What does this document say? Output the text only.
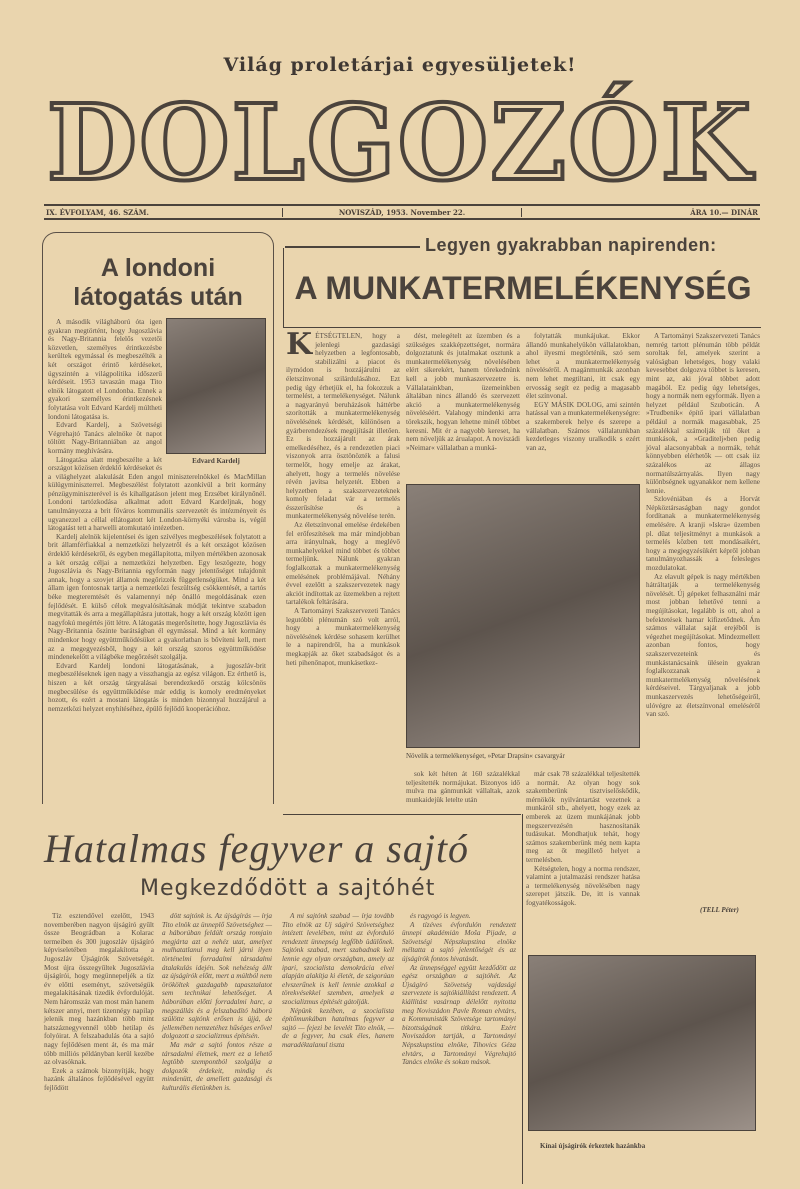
Világ proletárjai egyesüljetek!
DOLGOZÓK
IX. ÉVFOLYAM, 46. SZÁM.	NOVISZÁD, 1953. November 22.	ÁRA 10.— DINÁR
A londoni látogatás után
Edvard Kardelj

A második világháború óta igen gyakran megtörtént, hogy Jugoszlávia és Nagy-Britannia felelős vezetői közvetlen, személyes érintkezésbe kerültek egymással és megbeszélték a két országot érintő kérdéseket, úgyszintén a világpolitika időszerű kérdéseit. 1953 tavaszán maga Tito elnök látogatott el Londonba. Ennek a gyakori személyes érintkezésnek folytatása volt Edvard Kardelj múltheti londoni látogatása is.

Edvard Kardelj, a Szövetségi Végrehajtó Tanács alelnöke öt napot töltött Nagy-Britanniában az angol kormány meghívására.

Látogatása alatt megbeszélte a két országot közösen érdeklő kérdéseket és a világhelyzet alakulását Eden angol miniszterelnökkel és MacMillan külügyminiszterrel. Megbeszélést folytatott azonkívül a brit kormány pénzügyminiszterével is és kihallgatáson jelent meg Erzsébet királynőnél. Londoni tartózkodása alkalmat adott Edvard Kardeljnak, hogy tanulmányozza a brit főváros kommunális szervezetét és intézményeit és ugyanezzel a céllal ellátogatott két London-környéki városba is, végül látogatást tett a harwelli atomkutató intézetben.

Kardelj alelnök kijelentései és igen szívélyes megbeszélések folytatott a brit államférfiakkal a nemzetközi helyzetről és a két országot közösen érdeklő kérdésekről, és egyben megállapította, milyen mértékben azonosak a két ország céljai a nemzetközi helyzetben. Egy leszögezte, hogy Jugoszlávia és Nagy-Britannia egyformán nagy jelentőséget tulajdonít annak, hogy a szovjet államok megőrizzék függetlenségüket. Mind a két állam igen fontosnak tartja a nemzetközi feszültség csökkentését, a tartós béke megteremtését és valamennyi nép önálló megoldásának ezen fejlődését. E külső célok megvalósításának módját tekintve szabadon megvitatták és arra a megállapításra jutottak, hogy a két ország között igen nagyfokú megértés jött létre. A látogatás megerősítette, hogy Jugoszlávia és Nagy-Britannia őszinte barátságban él egymással. Mind a két kormány mindenkor hogy együttműködésüket a gyakorlatban is bővíteni kell, mert az a megegyezésből, hogy a két ország szoros együttműködése mindenekelőtt a világbéke megőrzését szolgálja.

Edvard Kardelj londoni látogatásának, a jugoszláv-brit megbeszéléseknek igen nagy a visszhangja az egész világon. Ez érthető is, hiszen a két ország tárgyalásai berendezkedő ország kölcsönös megbecsülése és együttműködése már eddig is komoly eredményeket hozott, és ezért a mostani látogatás is minden bizonnyal hozzájárul a nemzetközi helyzet enyhítéséhez, épülő fejlődő kooperációhoz.

Legyen gyakrabban napirenden:
A MUNKATERMELÉKENYSÉG
K ÉTSÉGTELEN, hogy a jelenlegi gazdasági helyzetben a legfontosabb, stabilizálni a piacot és ilymódon is hozzájárulni az életszínvonal szilárdulásához. Ezt pedig úgy érhetjük el, ha fokozzuk a termelést, a termelékenységet. Nálunk a nagyarányú beruházások háttérbe szorították a munkatermelékenység növelésének kérdését, különösen a gyárberendezések megújítását illetően. Ez is hozzájárult az árak emelkedéséhez, és a rendezetlen piaci viszonyok arra ösztönözték a falusi termelőt, hogy emelje az árakat, ahelyett, hogy a termelés növelése révén javítsa helyzetét. Ebben a helyzetben a szakszervezeteknek komoly feladat vár a termelés ésszerűsítése és a munkatermelékenység növelése terén.

Az életszínvonal emelése érdekében fel erőfeszítések ma már mindjobban arra irányulnak, hogy a meglévő munkahelyekkel mind többet és többet termeljünk. Nálunk gyakran foglalkoztak a munkatermelékenység emelésének problémájával. Néhány évvel ezelőtt a szakszervezetek nagy akciót indítottak az üzemekben a rejtett tartalékok feltárására.

A Tartományi Szakszervezeti Tanács legutóbbi plénumán szó volt arról, hogy a munkatermelékenység növelésének kérdése sohasem kerülhet le a napirendről, ha a munkások megkapják az őket szabadságot és a heti pihenőnapot, munkásetkez-

dést, melegételt az üzemben és a szükséges szakképzettséget, normára dolgoztatunk és jutalmakat osztunk a munkatermelékenység növelésében elért sikerekért, hanem törekednünk kell a jobb munkaszervezetre is. Vállalatainkban, üzemeinkben általában nincs állandó és szervezett akció a munkatermelékenység növeléséért. Valahogy mindenki arra törekszik, hogyan lehetne minél többet keresni. Mit ér a nagyobb kereset, ha nem növeljük az árualapot. A noviszádi »Neimar« vállalatban a munká-

folytatták munkájukat. Ekkor állandó munkahelyükön vállalatokban, ahol ilyesmi megtörténik, szó sem lehet a munkatermelékenység növeléséről. A magánmunkák azonban nem lehet megtiltani, itt csak egy ervosság segít ez pedig a magasabb élet színvonal.

EGY MÁSIK DOLOG, ami szintén hatással van a munkatermelékenységre: a szakemberek helye és szerepe a vállalatban. Számos vállalatunkban kezdetleges viszony uralkodik s ezért van az,

Növelik a termelékenységet, »Petar Drapsin« csavargyár

sok két héten át 160 százalékkal teljesítették normájukat. Bizonyos idő mulva ma gánmunkát vállaltak, azok munkaidejük letelte után

már csak 78 százalékkal teljesítették a normát. Az olyan hogy sok szakemberünk tisztviselőskődik, mérnökök nyilvántartást vezetnek a munkáról stb., ahelyett, hogy ezek az emberek az üzem munkájának jobb megszervezésén hasznosítanák tudásukat. Mondhatjuk tehát, hogy számos szakemberünk még nem kapta meg az őt megillető helyet a termelésben.

Kétségtelen, hogy a norma rendszer, valamint a jutalmazási rendszer hatása a termelékenység növelésében nagy szerepet játszik. De, itt is vannak fogyatékosságok.

A Tartományi Szakszervezeti Tanács nemrég tartott plénumán több példát soroltak fel, amelyek szerint a valóságban lehetséges, hogy valaki kevesebbet dolgozva többet is keresen, mint az, aki jóval többet adott magából. Ez pedig úgy lehetséges, hogy a normák nem egyformák. Ilyen a helyzet például Szuboticán. A »Trudbenik« építő ipari vállalatban például a normák magasabbak, 25 százalékkal számolják túl őket a munkások, a »Graditelj«ben pedig jóval alacsonyabbak a normák, tehát könnyebben elérhetők — ott csak iiz százalékos az állagos normatúlszárnyalás. Ilyen nagy különbségnek ugyanakkor nem kellene lennie.

Szlovéniában és a Horvát Népköztársaságban nagy gondot fordítanak a munkatermelékenység emelésére. A kranji »Iskra« üzemben pl. dűat teljesítményt a munkások a termelés közben tett mondásaikért, hogy a megjegyzésükért képről jobban tanulmányozhassák a felesleges mozdulatokat.

Az elavult gépek is nagy mértékben hátráltatják a termelékenység növelését. Új gépeket felhasználni már most jobban lehetővé tenni a megújításokat, legalább is ott, ahol a befektetések hamar kifizetődnek. Ám számos vállalat saját erejéből is végezhet megújításokat. Mindezmellett azonban fontos, hogy szakszervezeteink és munkástanácsaink ülésein gyakran foglalkozzanak a munkatermelékenység növelésének kérdéseivel. Tárgyaljanak a jobb munkaszervezés lehetőségeiről, ulóvégre az életszínvonal emeléséről van szó.

(TELL Péter)
Hatalmas fegyver a sajtó
Megkezdődött a sajtóhét

Tíz esztendővel ezelőtt, 1943 novemberében nagyon újságíró gyűlt össze Beográdban a Kolarac termeiben és 300 jugoszláv újságíró képviseletében megalakította a Jugoszláv Újságírók Szövetségét. Most újra összegyűltek Jugoszlávia újságírói, hogy megünnepeljék a tíz év előtti eseményt, szövetségük megalakításának tizedik évfordulóját. Nem háromszáz van most mán hanem kétszer annyi, mert tizennégy napilap jelenik meg hazánkban több mint hatszáznegyvennél több hetilap és folyóirat. A felszabadulás óta a sajtó nagy fejlődésen ment át, és ma már több milliós példányban kerül kezébe az olvasóknak.

Ezek a számok bizonyítják, hogy hazánk általános fejlődésével együtt fejlődött

dött sajtónk is. Az újságírás — írja Tito elnök az ünneplő Szövetséghez — a háborúban feldúlt ország romjain megjárta azt a nehéz utat, amelyet mulhatatlanul meg kell járni ilyen történelmi forradalmi társadalmi átalakulás idején. Sok nehézség állt az újságírók előtt, mert a múltból nem örököltek gazdagabb tapasztalatot sem technikai lehetőséget. A háborúban előtti forradalmi harc, a megszállás és a felszabadító háború szülötte sajtónk erősen is újjá, de jellemében nemzetéhez hűséges erővel dolgozott a szocializmus építésén.

Ma már a sajtó fontos része a társadalmi életnek, mert ez a lehető legtöbb szempontból szolgálja a dolgozók érdekeit, mindig és mindenütt, de amellett gazdasági és kulturális életünkben is.

A mi sajtónk szabad — írja tovább Tito elnök az Uj ságíró Szövetséghez intézett levelében, mint az évforduló rendezett ünnepség legfőbb üdülőnek. Sajtónk szabad, mert szabadnak kell lennie egy olyan országban, amely az ipari, szocialista demokrácia elvei alapján alakítja ki életét, de szigorúan elvszerűnek is kell lennie azokkal a törekvésekkel szemben, amelyek a szocializmus építését gátolják.

Népünk kezében, a szocialista építőmunkában hatalmas fegyver a sajtó — fejezi be levelét Tito elnök, — de a fegyver, ha csak éles, hanem maradéktalanul tiszta

és ragyogó is legyen.

A tízéves évfordulón rendezett ünnepi akadémián Moša Pijade, a Szövetségi Népszkupstina elnöke méltatta a sajtó jelentőségét és az újságírók fontos hivatását.

Az ünnepséggel együtt kezdődött az egész országban a sajtóhét. Az Újságíró Szövetség vajdasági szervezete is sajtókiállítást rendezett. A kiállítást vasárnap délelőtt nyitotta meg Noviszádon Pavle Roman elvtárs, a Kommunisták Szövetsége tartományi bizottságának titkára. Ezért Noviszádon tartják, a Tartományi Népszkupstina elnöke, Tihovics Géza elvtárs, a Tartományi Végrehajtó Tanács elnöke és sokan mások.

Kínai újságírók érkeztek hazánkba
